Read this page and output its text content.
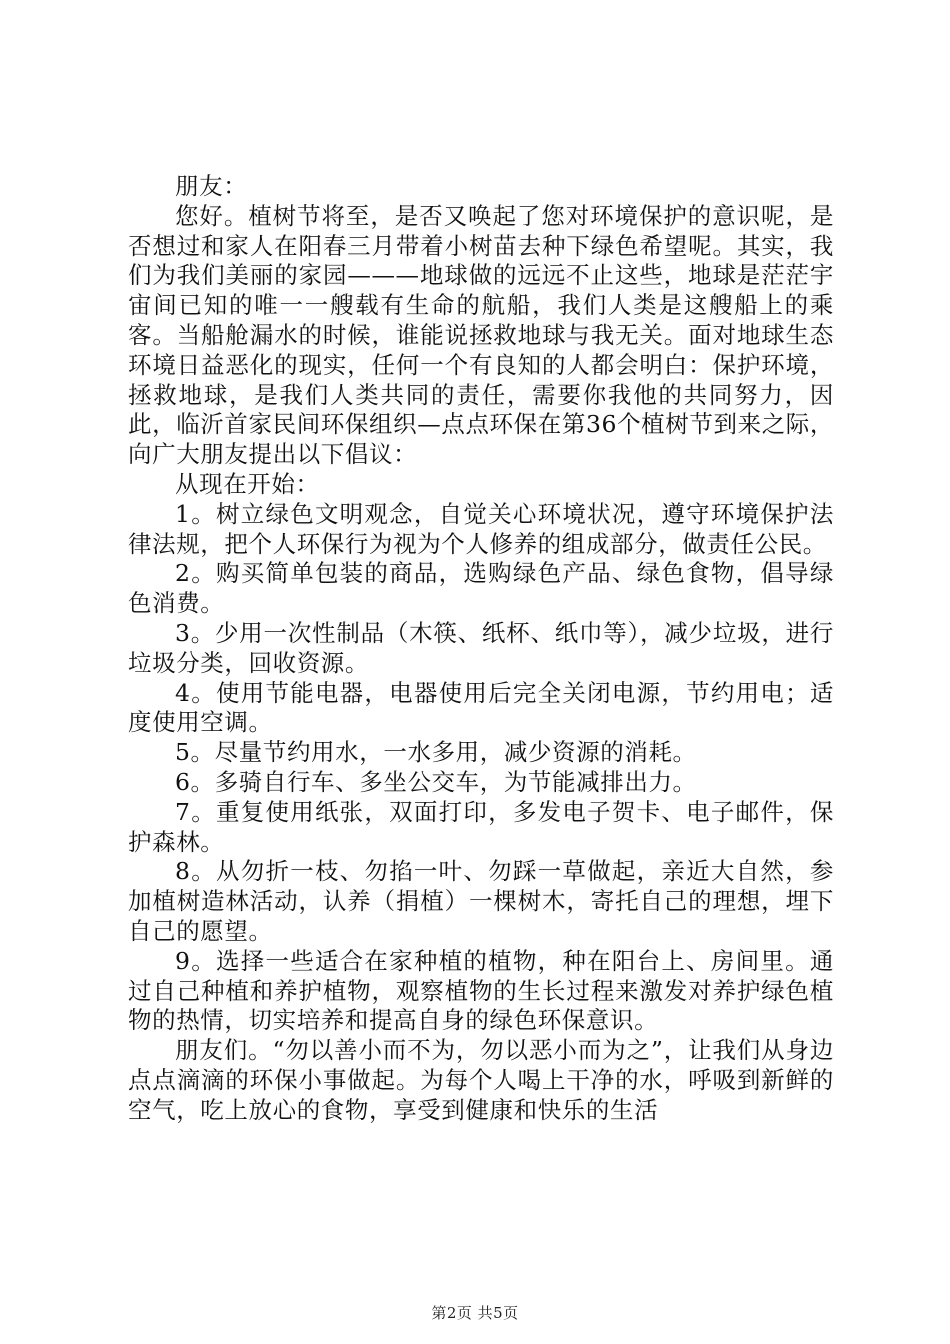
朋友：

您好。植树节将至，是否又唤起了您对环境保护的意识呢，是否想过和家人在阳春三月带着小树苗去种下绿色希望呢。其实，我们为我们美丽的家园———地球做的远远不止这些，地球是茫茫宇宙间已知的唯一一艘载有生命的航船，我们人类是这艘船上的乘客。当船舱漏水的时候，谁能说拯救地球与我无关。面对地球生态环境日益恶化的现实，任何一个有良知的人都会明白：保护环境，拯救地球，是我们人类共同的责任，需要你我他的共同努力，因此，临沂首家民间环保组织—点点环保在第36个植树节到来之际，向广大朋友提出以下倡议：

从现在开始：

1。树立绿色文明观念，自觉关心环境状况，遵守环境保护法律法规，把个人环保行为视为个人修养的组成部分，做责任公民。

2。购买简单包装的商品，选购绿色产品、绿色食物，倡导绿色消费。

3。少用一次性制品（木筷、纸杯、纸巾等），减少垃圾，进行垃圾分类，回收资源。

4。使用节能电器，电器使用后完全关闭电源，节约用电；适度使用空调。

5。尽量节约用水，一水多用，减少资源的消耗。

6。多骑自行车、多坐公交车，为节能减排出力。

7。重复使用纸张，双面打印，多发电子贺卡、电子邮件，保护森林。

8。从勿折一枝、勿掐一叶、勿踩一草做起，亲近大自然，参加植树造林活动，认养（捐植）一棵树木，寄托自己的理想，埋下自己的愿望。

9。选择一些适合在家种植的植物，种在阳台上、房间里。通过自己种植和养护植物，观察植物的生长过程来激发对养护绿色植物的热情，切实培养和提高自身的绿色环保意识。

朋友们。“勿以善小而不为，勿以恶小而为之”，让我们从身边点点滴滴的环保小事做起。为每个人喝上干净的水，呼吸到新鲜的空气，吃上放心的食物，享受到健康和快乐的生活

第2页 共5页
